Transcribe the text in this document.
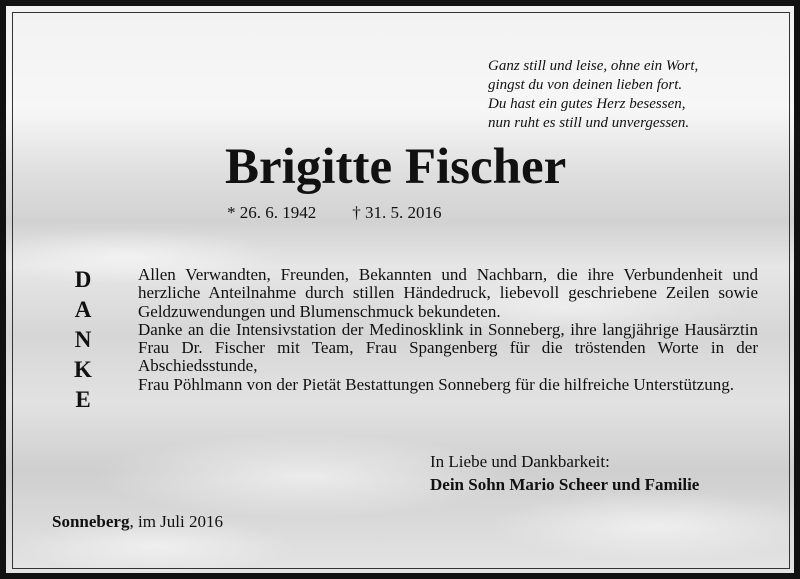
Ganz still und leise, ohne ein Wort,
gingst du von deinen lieben fort.
Du hast ein gutes Herz besessen,
nun ruht es still und unvergessen.
Brigitte Fischer
* 26. 6. 1942 † 31. 5. 2016
D
A
N
K
E

Allen Verwandten, Freunden, Bekannten und Nachbarn, die ihre Verbundenheit und herzliche Anteilnahme durch stillen Händedruck, liebevoll geschriebene Zeilen sowie Geldzuwendungen und Blumenschmuck bekundeten.

Danke an die Intensivstation der Medinosklink in Sonneberg, ihre langjährige Hausärztin Frau Dr. Fischer mit Team, Frau Spangenberg für die tröstenden Worte in der Abschiedsstunde,

Frau Pöhlmann von der Pietät Bestattungen Sonneberg für die hilfreiche Unterstützung.

In Liebe und Dankbarkeit:
Dein Sohn Mario Scheer und Familie
Sonneberg, im Juli 2016
